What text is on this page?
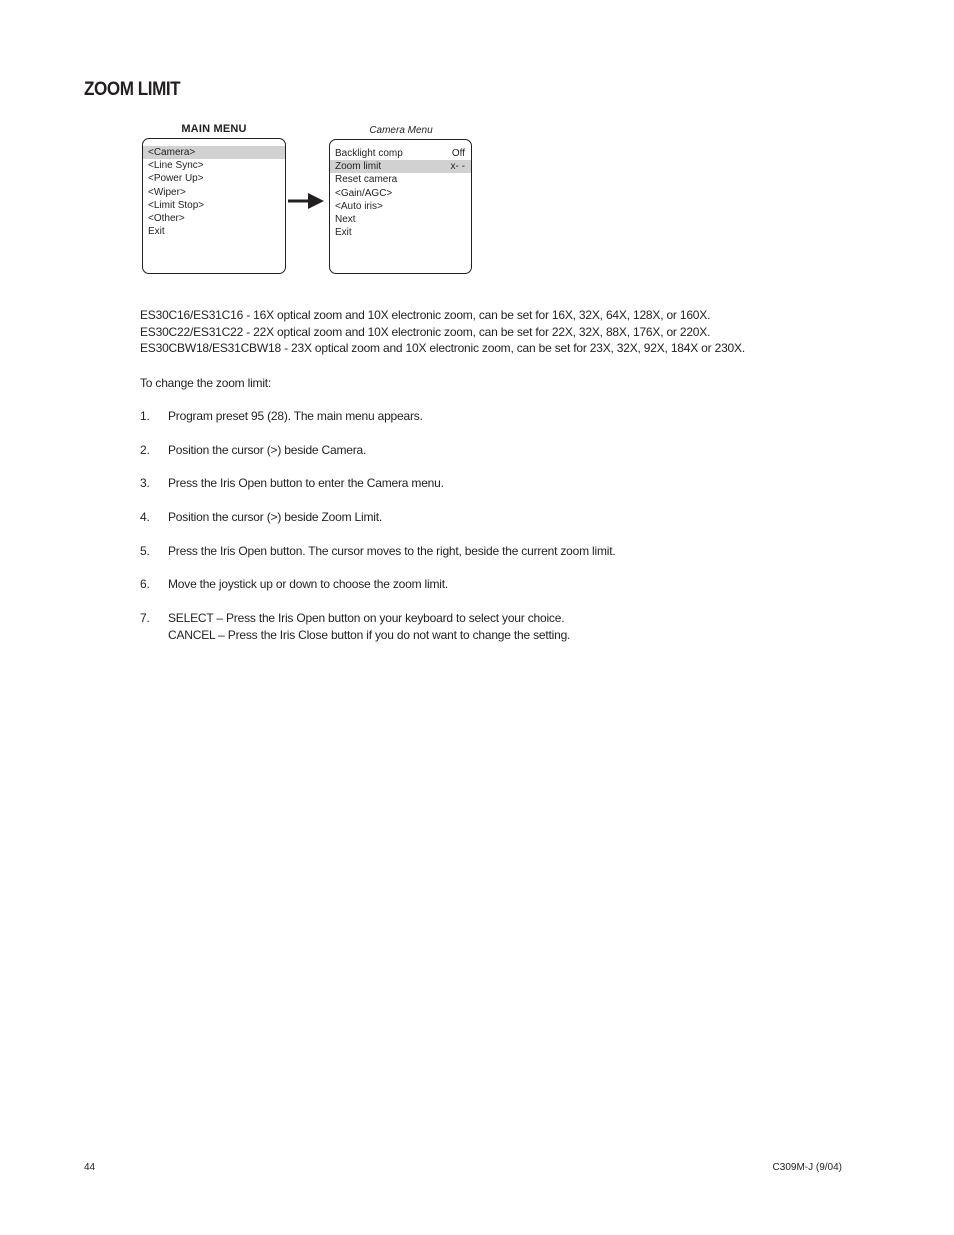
ZOOM LIMIT
MAIN MENU
<Camera>
<Line Sync>
<Power Up>
<Wiper>
<Limit Stop>
<Other>
Exit
Camera Menu
Backlight comp	Off
Zoom limit	x- -
Reset camera
<Gain/AGC>
<Auto iris>
Next
Exit
ES30C16/ES31C16 - 16X optical zoom and 10X electronic zoom, can be set for 16X, 32X, 64X, 128X, or 160X.
ES30C22/ES31C22 - 22X optical zoom and 10X electronic zoom, can be set for 22X, 32X, 88X, 176X, or 220X.
ES30CBW18/ES31CBW18 - 23X optical zoom and 10X electronic zoom, can be set for 23X, 32X, 92X, 184X or 230X.
To change the zoom limit:
1. Program preset 95 (28). The main menu appears.
2. Position the cursor (>) beside Camera.
3. Press the Iris Open button to enter the Camera menu.
4. Position the cursor (>) beside Zoom Limit.
5. Press the Iris Open button. The cursor moves to the right, beside the current zoom limit.
6. Move the joystick up or down to choose the zoom limit.
7. SELECT – Press the Iris Open button on your keyboard to select your choice.
CANCEL – Press the Iris Close button if you do not want to change the setting.
44	C309M-J (9/04)
